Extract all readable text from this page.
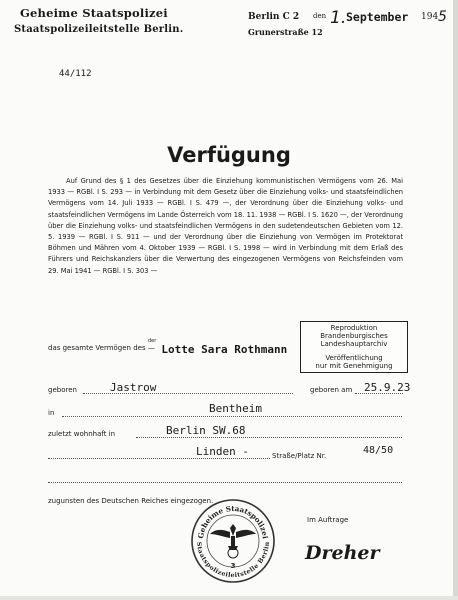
Geheime Staatspolizei
Staatspolizeileitstelle Berlin.
Berlin C 2 den 1. September 194 5
Grunerstraße 12
44/112
Verfügung
Auf Grund des § 1 des Gesetzes über die Einziehung kommunistischen Vermögens vom 26. Mai 1933 — RGBl. I S. 293 — in Verbindung mit dem Gesetz über die Einziehung volks- und staatsfeindlichen Vermögens vom 14. Juli 1933 — RGBl. I S. 479 —, der Verordnung über die Einziehung volks- und staatsfeindlichen Vermögens im Lande Österreich vom 18. 11. 1938 — RGBl. I S. 1620 —, der Verordnung über die Einziehung volks- und staatsfeindlichen Vermögens in den sudetendeutschen Gebieten vom 12. 5. 1939 — RGBl. I S. 911 — und der Verordnung über die Einziehung von Vermögen im Protektorat Böhmen und Mähren vom 4. Oktober 1939 — RGBl. I S. 1998 — wird in Verbindung mit dem Erlaß des Führers und Reichskanzlers über die Verwertung des eingezogenen Vermögens von Reichsfeinden vom 29. Mai 1941 — RGBl. I S. 303 —
das gesamte Vermögen des —
$^{der}$ Lotte Sara Rothmann
geboren	Jastrow	geboren am 25.9.23
in	Bentheim
zuletzt wohnhaft in	Berlin SW.68
Linden -	Straße/Platz Nr.	48/50
zugunsten des Deutschen Reiches eingezogen.
Reproduktion
Brandenburgisches
Landeshauptarchiv
Veröffentlichung
nur mit Genehmigung
Geheime Staatspolizei
Staatspolizeileitstelle Berlin
3
Im Auftrage
Dreher
